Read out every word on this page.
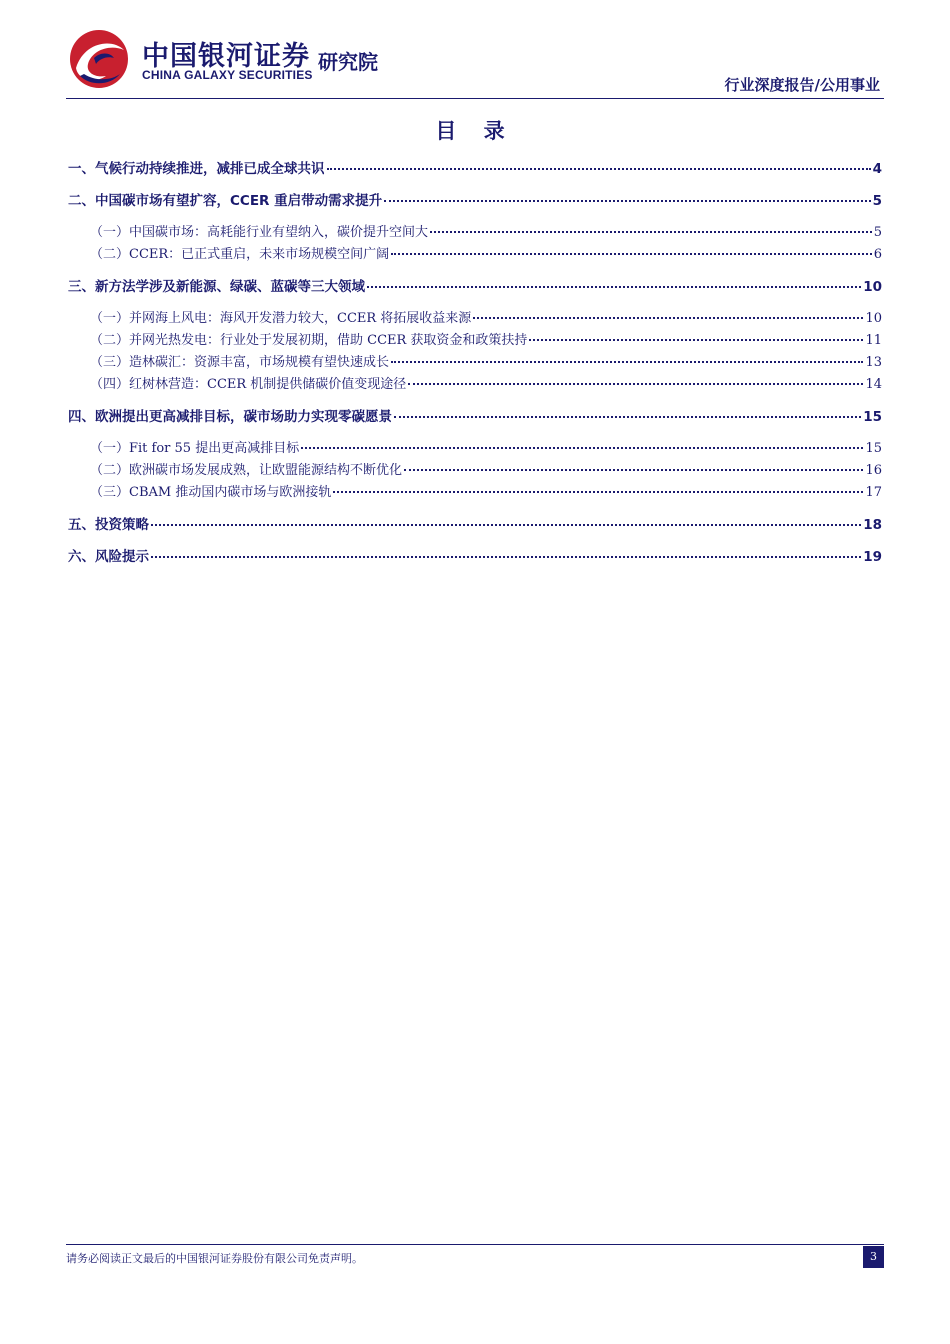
中国银河证券
CHINA GALAXY SECURITIES
研究院
行业深度报告/公用事业
目 录
一、气候行动持续推进，减排已成全球共识	4
二、中国碳市场有望扩容，CCER 重启带动需求提升	5
（一）中国碳市场：高耗能行业有望纳入，碳价提升空间大	5
（二）CCER：已正式重启，未来市场规模空间广阔	6
三、新方法学涉及新能源、绿碳、蓝碳等三大领域	10
（一）并网海上风电：海风开发潜力较大，CCER 将拓展收益来源	10
（二）并网光热发电：行业处于发展初期，借助 CCER 获取资金和政策扶持	11
（三）造林碳汇：资源丰富，市场规模有望快速成长	13
（四）红树林营造：CCER 机制提供储碳价值变现途径	14
四、欧洲提出更高减排目标，碳市场助力实现零碳愿景	15
（一）Fit for 55 提出更高减排目标	15
（二）欧洲碳市场发展成熟，让欧盟能源结构不断优化	16
（三）CBAM 推动国内碳市场与欧洲接轨	17
五、投资策略	18
六、风险提示	19
请务必阅读正文最后的中国银河证券股份有限公司免责声明。	3
